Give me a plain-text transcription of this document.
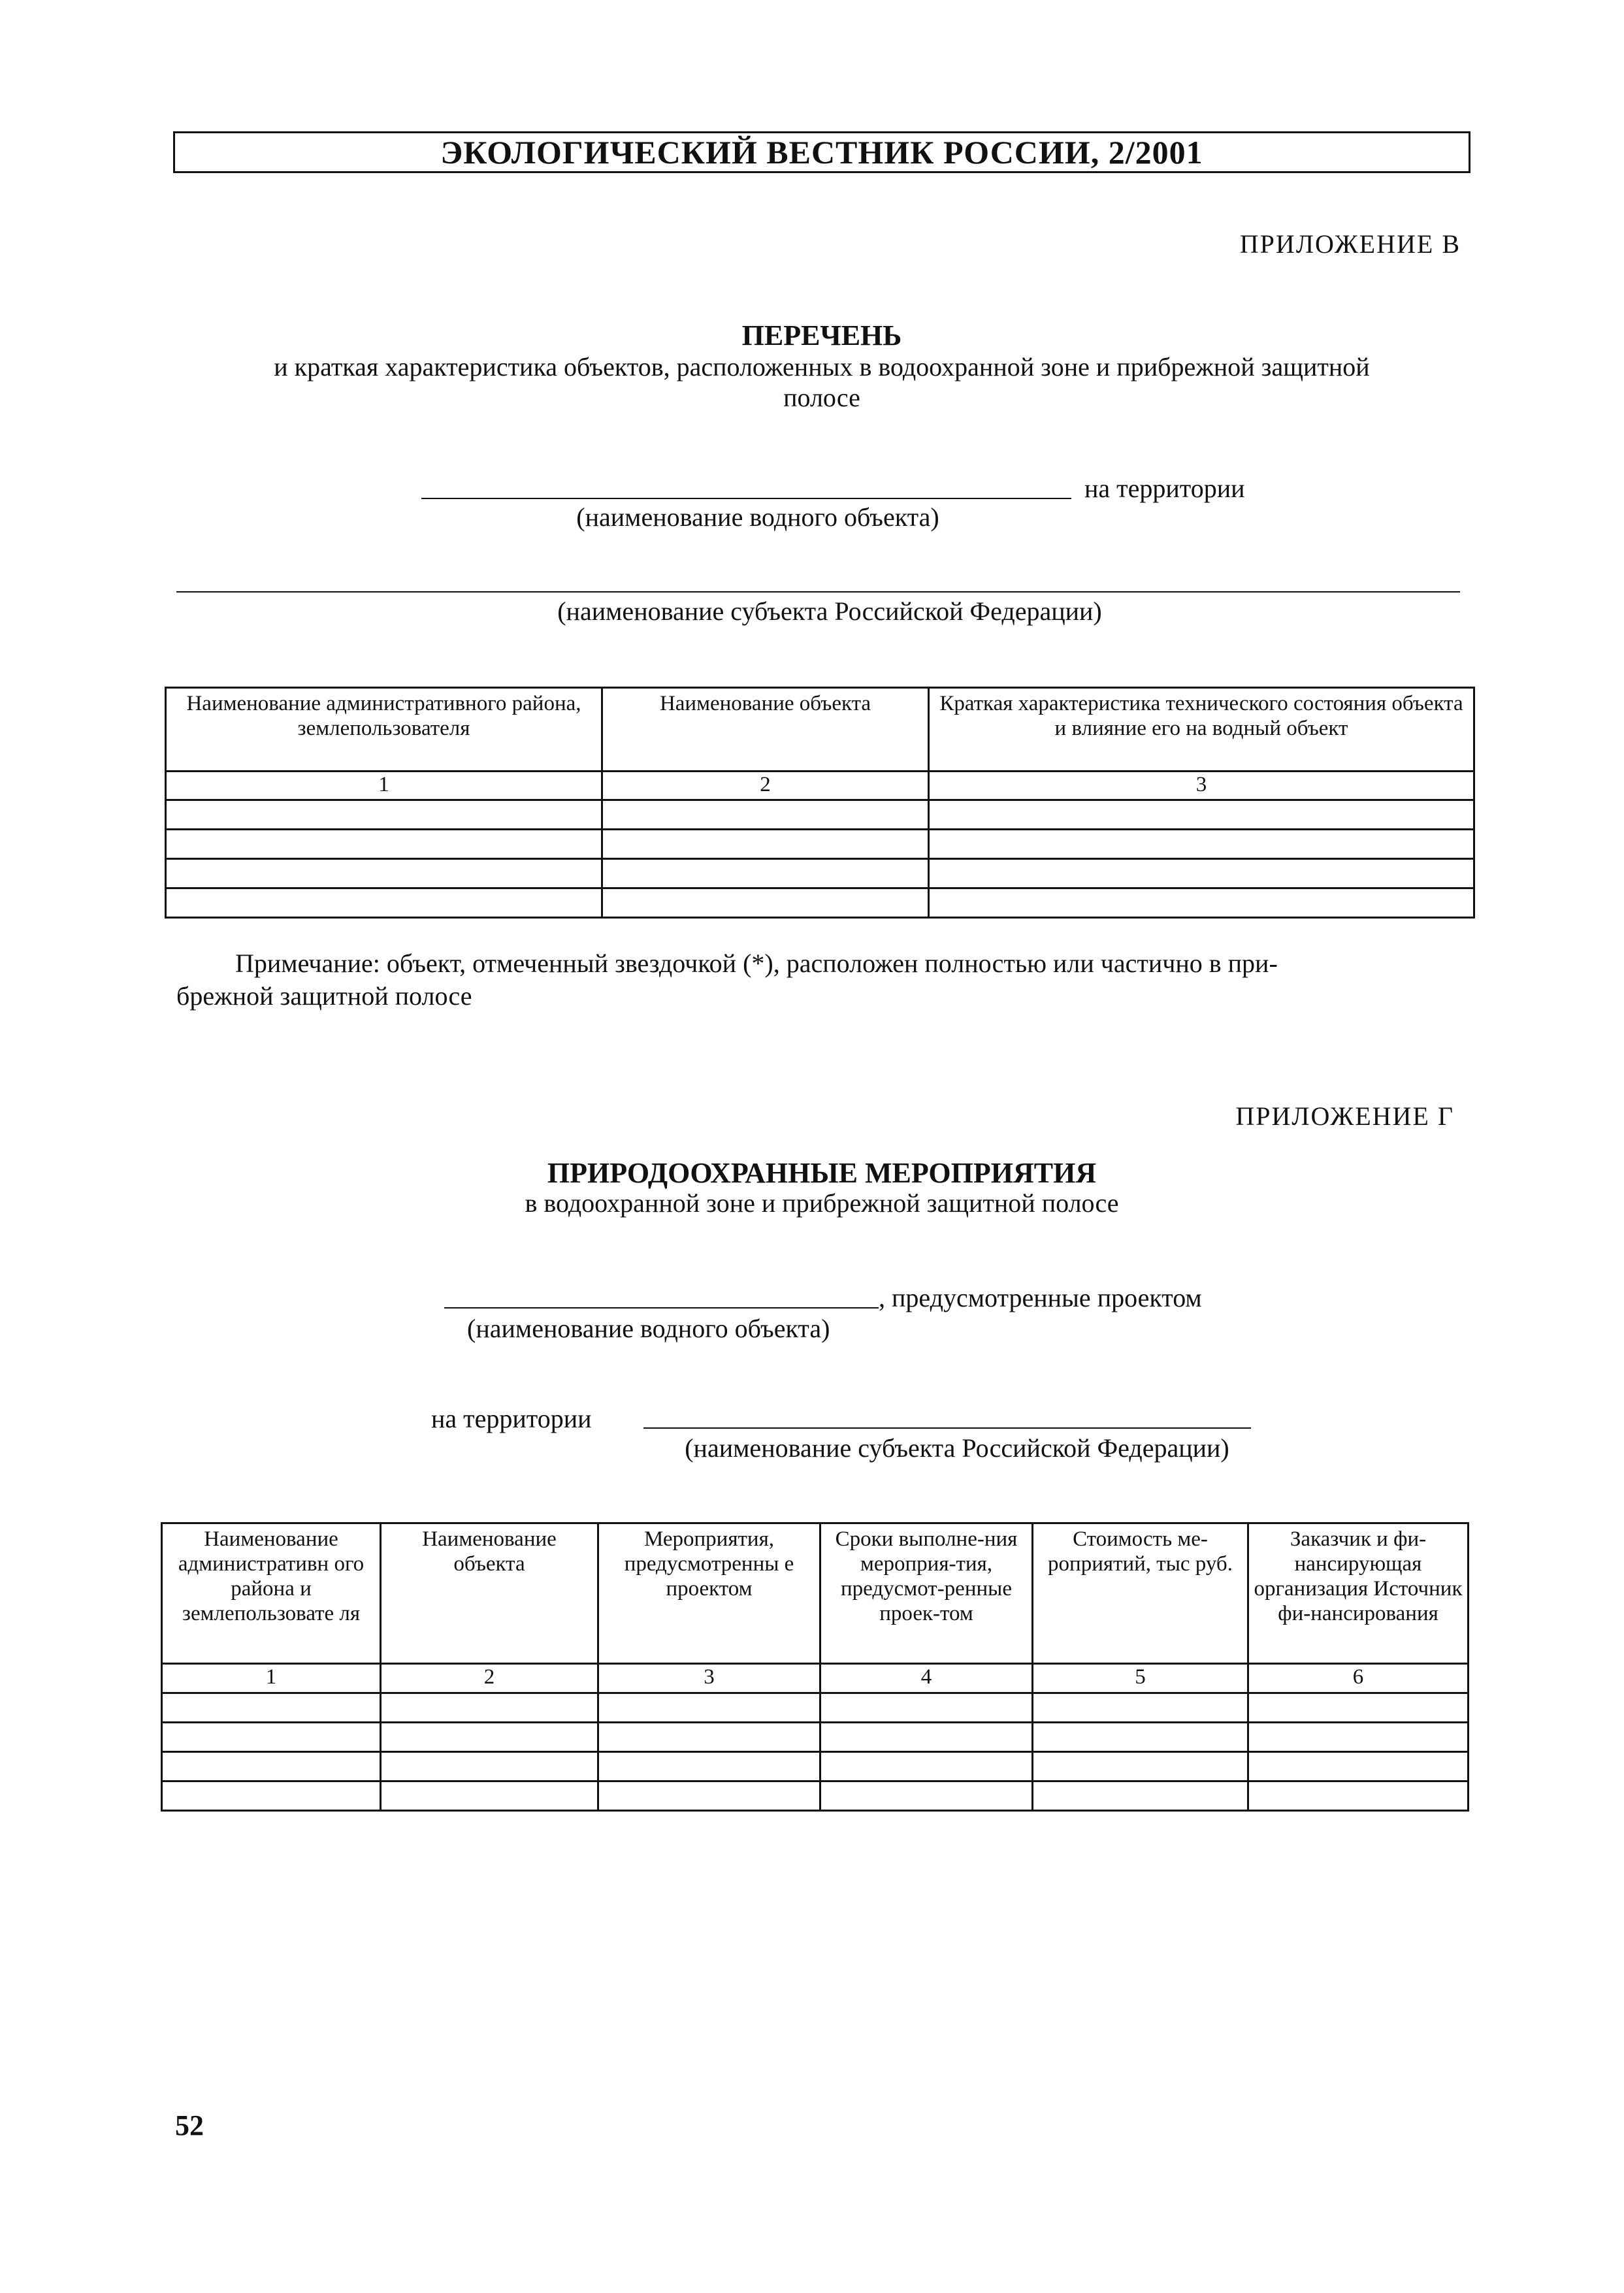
ЭКОЛОГИЧЕСКИЙ ВЕСТНИК РОССИИ, 2/2001
ПРИЛОЖЕНИЕ В
ПЕРЕЧЕНЬ
и краткая характеристика объектов, расположенных в водоохранной зоне и прибрежной защитной
полосе
на территории
(наименование водного объекта)
(наименование субъекта Российской Федерации)
Наименование административного района, землепользователя	Наименование объекта	Краткая характеристика технического состояния объекта и влияние его на водный объект
1	2	3

Примечание: объект, отмеченный звездочкой (*), расположен полностью или частично в при-
брежной защитной полосе
ПРИЛОЖЕНИЕ Г
ПРИРОДООХРАННЫЕ МЕРОПРИЯТИЯ
в водоохранной зоне и прибрежной защитной полосе
, предусмотренные проектом
(наименование водного объекта)
на территории
(наименование субъекта Российской Федерации)
Наименование административн ого района и землепользовате ля	Наименование объекта	Мероприятия, предусмотренны е проектом	Сроки выполне-ния мероприя-тия, предусмот-ренные проек-том	Стоимость ме-роприятий, тыс руб.	Заказчик и фи-нансирующая организация Источник фи-нансирования
1	2	3	4	5	6

52
